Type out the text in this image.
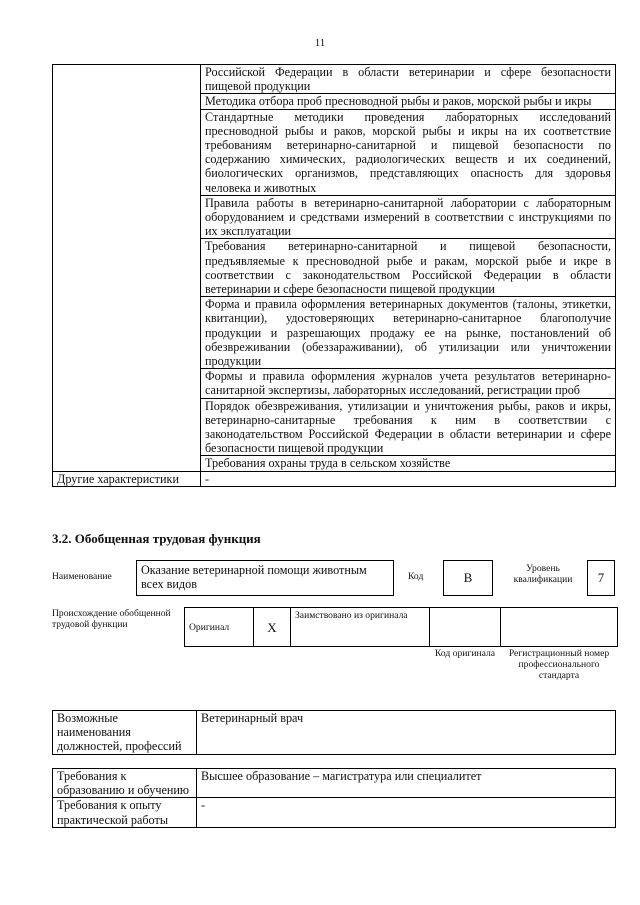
11
	Российской Федерации в области ветеринарии и сфере безопасности пищевой продукции
	Методика отбора проб пресноводной рыбы и раков, морской рыбы и икры
	Стандартные методики проведения лабораторных исследований пресноводной рыбы и раков, морской рыбы и икры на их соответствие требованиям ветеринарно-санитарной и пищевой безопасности по содержанию химических, радиологических веществ и их соединений, биологических организмов, представляющих опасность для здоровья человека и животных
	Правила работы в ветеринарно-санитарной лаборатории с лабораторным оборудованием и средствами измерений в соответствии с инструкциями по их эксплуатации
	Требования ветеринарно-санитарной и пищевой безопасности, предъявляемые к пресноводной рыбе и ракам, морской рыбе и икре в соответствии с законодательством Российской Федерации в области ветеринарии и сфере безопасности пищевой продукции
	Форма и правила оформления ветеринарных документов (талоны, этикетки, квитанции), удостоверяющих ветеринарно-санитарное благополучие продукции и разрешающих продажу ее на рынке, постановлений об обезвреживании (обеззараживании), об утилизации или уничтожении продукции
	Формы и правила оформления журналов учета результатов ветеринарно-санитарной экспертизы, лабораторных исследований, регистрации проб
	Порядок обезвреживания, утилизации и уничтожения рыбы, раков и икры, ветеринарно-санитарные требования к ним в соответствии с законодательством Российской Федерации в области ветеринарии и сфере безопасности пищевой продукции
	Требования охраны труда в сельском хозяйстве
Другие характеристики	-
3.2. Обобщенная трудовая функция
Наименование	Оказание ветеринарной помощи животным всех видов
Код	B
Уровень квалификации	7
Происхождение обобщенной трудовой функции	Оригинал	X	Заимствовано из оригинала		
Код оригинала	Регистрационный номер профессионального стандарта
Возможные наименования должностей, профессий	Ветеринарный врач
Требования к образованию и обучению	Высшее образование – магистратура или специалитет
Требования к опыту практической работы	-
